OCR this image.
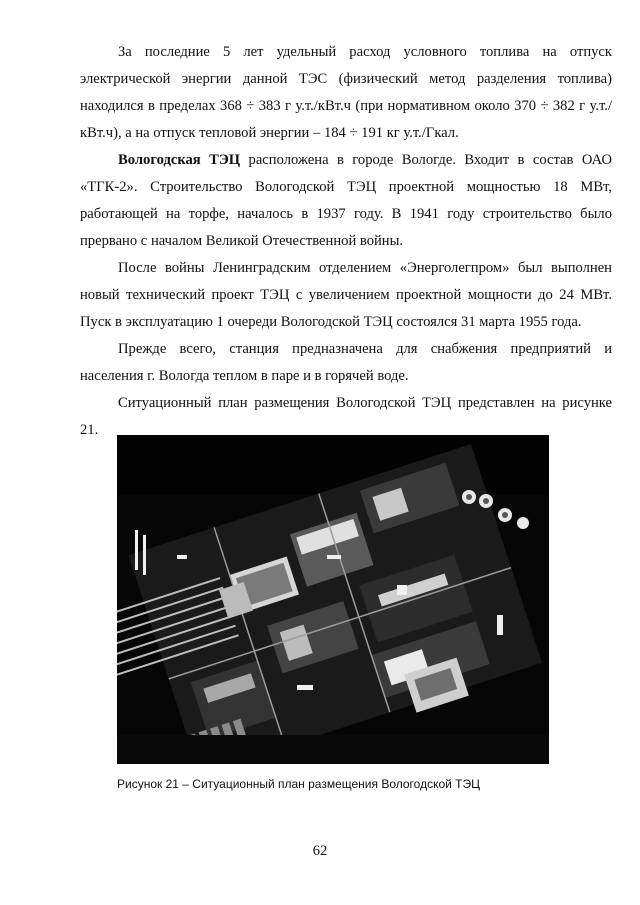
За последние 5 лет удельный расход условного топлива на отпуск электрической энергии данной ТЭС (физический метод разделения топлива) находился в пределах 368 ÷ 383 г у.т./кВт.ч (при нормативном около 370 ÷ 382 г у.т./кВт.ч), а на отпуск тепловой энергии – 184 ÷ 191 кг у.т./Гкал.

Вологодская ТЭЦ расположена в городе Вологде. Входит в состав ОАО «ТГК-2». Строительство Вологодской ТЭЦ проектной мощностью 18 МВт, работающей на торфе, началось в 1937 году. В 1941 году строительство было прервано с началом Великой Отечественной войны.

После войны Ленинградским отделением «Энерголегпром» был выполнен новый технический проект ТЭЦ с увеличением проектной мощности до 24 МВт. Пуск в эксплуатацию 1 очереди Вологодской ТЭЦ состоялся 31 марта 1955 года.

Прежде всего, станция предназначена для снабжения предприятий и населения г. Вологда теплом в паре и в горячей воде.

Ситуационный план размещения Вологодской ТЭЦ представлен на рисунке 21.

Рисунок 21 – Ситуационный план размещения Вологодской ТЭЦ
62
